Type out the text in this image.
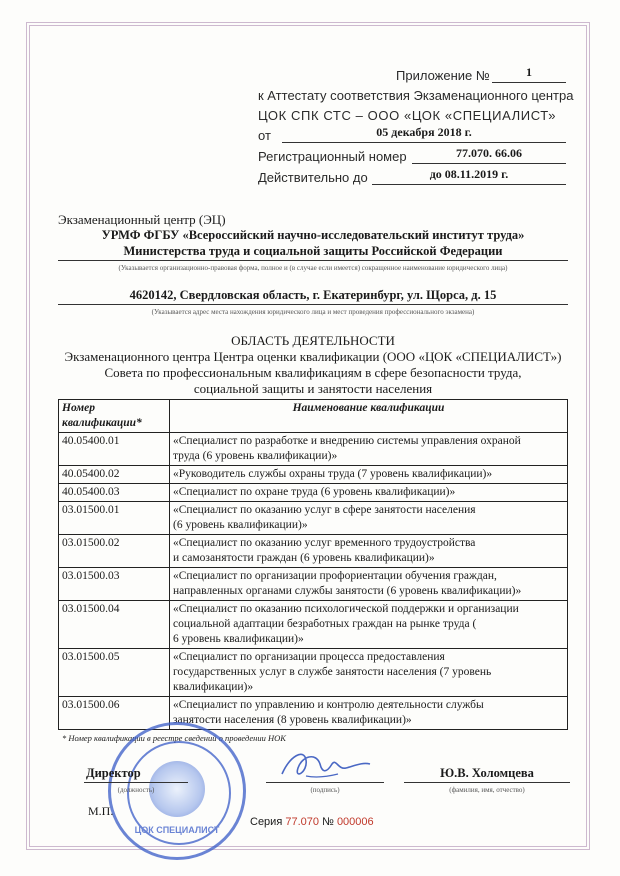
Приложение №	1
к Аттестату соответствия Экзаменационного центра
ЦОК СПК СТС – ООО «ЦОК «СПЕЦИАЛИСТ»
от	05 декабря 2018 г.
Регистрационный номер	77.070. 66.06
Действительно до	до 08.11.2019 г.
Экзаменационный центр (ЭЦ)
УРМФ ФГБУ «Всероссийский научно-исследовательский институт труда»
Министерства труда и социальной защиты Российской Федерации
(Указывается организационно-правовая форма, полное и (в случае если имеется) сокращенное наименование юридического лица)
4620142, Свердловская область, г. Екатеринбург, ул. Щорса, д. 15
(Указывается адрес места нахождения юридического лица и мест проведения профессионального экзамена)
ОБЛАСТЬ ДЕЯТЕЛЬНОСТИ
Экзаменационного центра Центра оценки квалификации (ООО «ЦОК «СПЕЦИАЛИСТ»)
Совета по профессиональным квалификациям в сфере безопасности труда,
социальной защиты и занятости населения
Номер
квалификации*	Наименование квалификации
40.05400.01	«Специалист по разработке и внедрению системы управления охраной
труда (6 уровень квалификации)»
40.05400.02	«Руководитель службы охраны труда (7 уровень квалификации)»
40.05400.03	«Специалист по охране труда (6 уровень квалификации)»
03.01500.01	«Специалист по оказанию услуг в сфере занятости населения
(6 уровень квалификации)»
03.01500.02	«Специалист по оказанию услуг временного трудоустройства
и самозанятости граждан (6 уровень квалификации)»
03.01500.03	«Специалист по организации профориентации обучения граждан,
направленных органами службы занятости (6 уровень квалификации)»
03.01500.04	«Специалист по оказанию психологической поддержки и организации
социальной адаптации безработных граждан на рынке труда (
6 уровень квалификации)»
03.01500.05	«Специалист по организации процесса предоставления
государственных услуг в службе занятости населения (7 уровень
квалификации)»
03.01500.06	«Специалист по управлению и контролю деятельности службы
занятости населения (8 уровень квалификации)»
* Номер квалификации в реестре сведений о проведении НОК
ЦОК СПЕЦИАЛИСТ
Директор
(должность)	(подпись)
Ю.В. Холомцева
(фамилия, имя, отчество)
М.П.
Серия 77.070 № 000006
